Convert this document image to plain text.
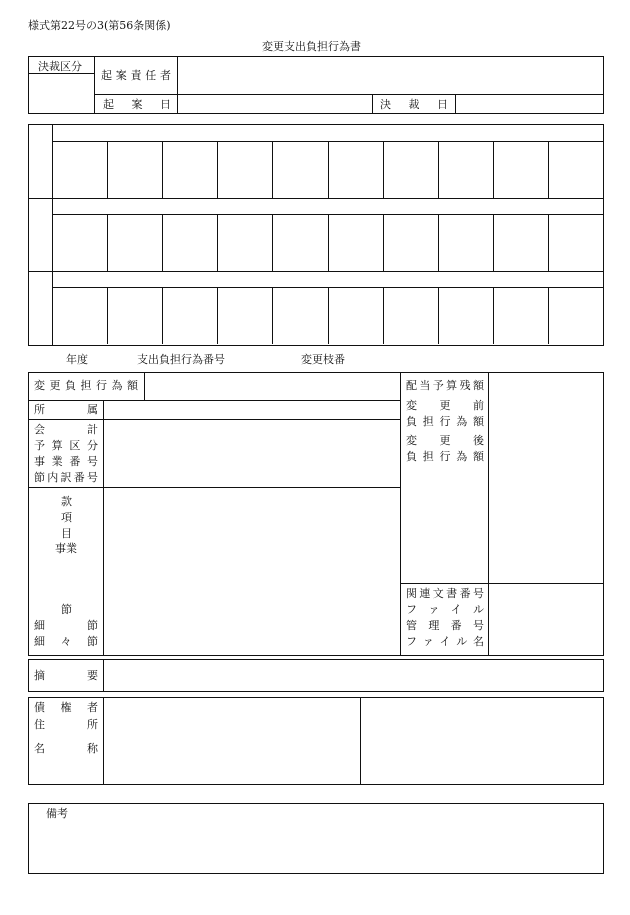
様式第22号の3(第56条関係)
変更支出負担行為書
決裁区分
起 案 責 任 者
起 案 日	決 裁 日
年度	支出負担行為番号	変更枝番
変 更 負 担 行 為 額
所	属
会	計
予 算 区 分
事 業 番 号
節 内 訳 番 号
款
項
目
事業
節
細	節
細 々 節
配 当 予 算 残 額
変 更 前
負 担 行 為 額
変 更 後
負 担 行 為 額
関 連 文 書 番 号
フ ァ イ ル
管 理 番 号
フ ァ イ ル 名
摘	要
債 権 者
住	所
名	称
備考
